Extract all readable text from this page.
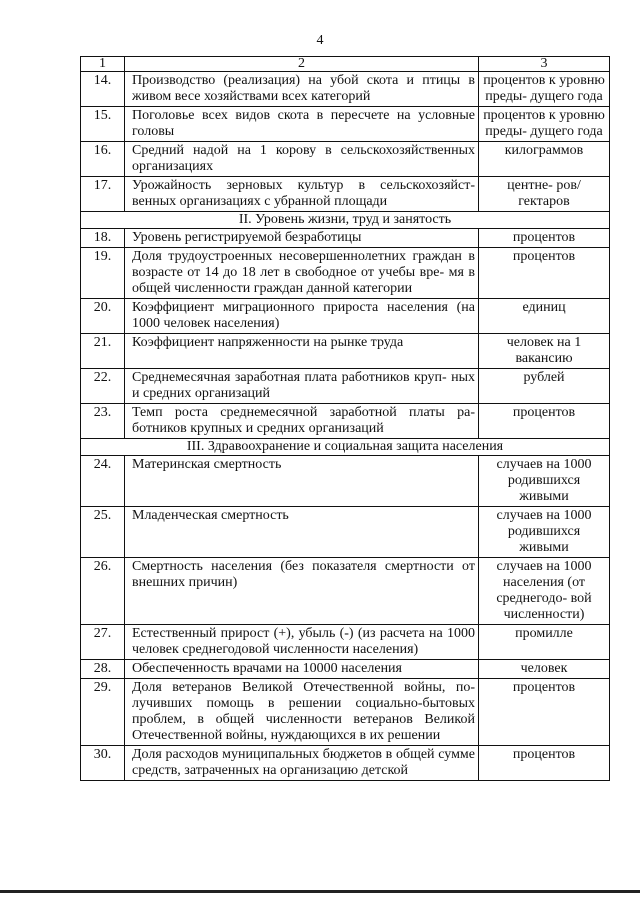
4
1	2	3
14.	Производство (реализация) на убой скота и птицы в живом весе хозяйствами всех категорий	процентов к уровню преды- дущего года
15.	Поголовье всех видов скота в пересчете на условные головы	процентов к уровню преды- дущего года
16.	Средний надой на 1 корову в сельскохозяйственных организациях	килограммов
17.	Урожайность зерновых культур в сельскохозяйст- венных организациях с убранной площади	центне- ров/гектаров
II. Уровень жизни, труд и занятость		
18.	Уровень регистрируемой безработицы	процентов
19.	Доля трудоустроенных несовершеннолетних граждан в возрасте от 14 до 18 лет в свободное от учебы вре- мя в общей численности граждан данной категории	процентов
20.	Коэффициент миграционного прироста населения (на 1000 человек населения)	единиц
21.	Коэффициент напряженности на рынке труда	человек на 1 вакансию
22.	Среднемесячная заработная плата работников круп- ных и средних организаций	рублей
23.	Темп роста среднемесячной заработной платы ра- ботников крупных и средних организаций	процентов
III. Здравоохранение и социальная защита населения		
24.	Материнская смертность	случаев на 1000 родившихся живыми
25.	Младенческая смертность	случаев на 1000 родившихся живыми
26.	Смертность населения (без показателя смертности от внешних причин)	случаев на 1000 населения (от среднегодо- вой численности)
27.	Естественный прирост (+), убыль (-) (из расчета на 1000 человек среднегодовой численности населения)	промилле
28.	Обеспеченность врачами на 10000 населения	человек
29.	Доля ветеранов Великой Отечественной войны, по- лучивших помощь в решении социально-бытовых проблем, в общей численности ветеранов Великой Отечественной войны, нуждающихся в их решении	процентов
30.	Доля расходов муниципальных бюджетов в общей сумме средств, затраченных на организацию детской	процентов
